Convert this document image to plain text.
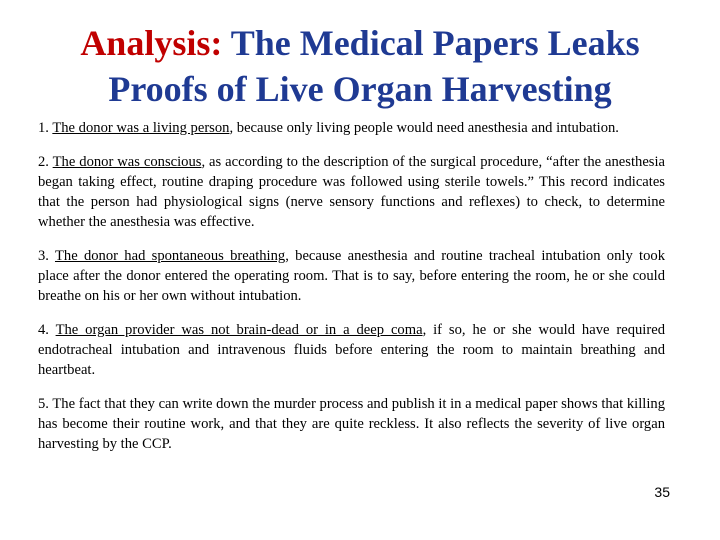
Analysis: The Medical Papers Leaks
Proofs of Live Organ Harvesting

1. The donor was a living person, because only living people would need anesthesia and intubation.

2. The donor was conscious, as according to the description of the surgical procedure, “after the anesthesia began taking effect, routine draping procedure was followed using sterile towels.” This record indicates that the person had physiological signs (nerve sensory functions and reflexes) to check, to determine whether the anesthesia was effective.

3. The donor had spontaneous breathing, because anesthesia and routine tracheal intubation only took place after the donor entered the operating room. That is to say, before entering the room, he or she could breathe on his or her own without intubation.

4. The organ provider was not brain-dead or in a deep coma, if so, he or she would have required endotracheal intubation and intravenous fluids before entering the room to maintain breathing and heartbeat.

5. The fact that they can write down the murder process and publish it in a medical paper shows that killing has become their routine work, and that they are quite reckless. It also reflects the severity of live organ harvesting by the CCP.

35
